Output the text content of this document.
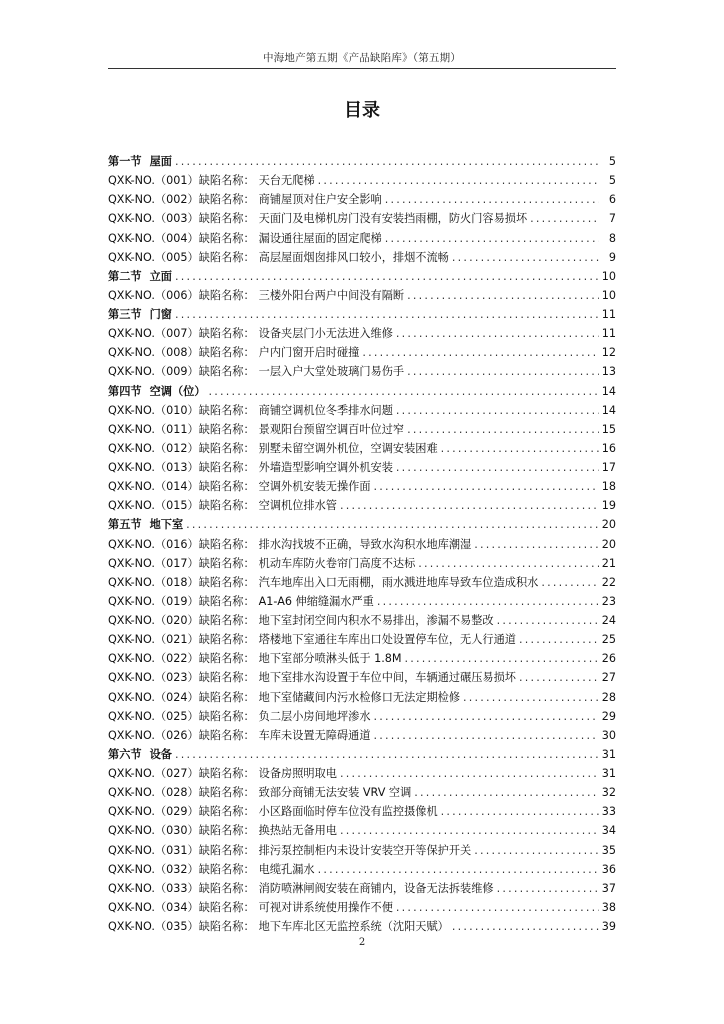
中海地产第五期《产品缺陷库》（第五期）
目录
第一节 屋面 .....	5
QXK-NO.（001） 缺陷名称： 天台无爬梯 .....	5
QXK-NO.（002） 缺陷名称： 商铺屋顶对住户安全影响 .....	6
QXK-NO.（003） 缺陷名称： 天面门及电梯机房门没有安装挡雨棚，防火门容易损坏 .....	7
QXK-NO.（004） 缺陷名称： 漏设通往屋面的固定爬梯 .....	8
QXK-NO.（005） 缺陷名称： 高层屋面烟囱排风口较小，排烟不流畅 .....	9
第二节 立面 .....	10
QXK-NO.（006） 缺陷名称： 三楼外阳台两户中间没有隔断 .....	10
第三节 门窗 .....	11
QXK-NO.（007） 缺陷名称： 设备夹层门小无法进入维修 .....	11
QXK-NO.（008） 缺陷名称： 户内门窗开启时碰撞 .....	12
QXK-NO.（009） 缺陷名称： 一层入户大堂处玻璃门易伤手 .....	13
第四节 空调（位） .....	14
QXK-NO.（010） 缺陷名称： 商铺空调机位冬季排水问题 .....	14
QXK-NO.（011） 缺陷名称： 景观阳台预留空调百叶位过窄 .....	15
QXK-NO.（012） 缺陷名称： 别墅未留空调外机位，空调安装困难 .....	16
QXK-NO.（013） 缺陷名称： 外墙造型影响空调外机安装 .....	17
QXK-NO.（014） 缺陷名称： 空调外机安装无操作面 .....	18
QXK-NO.（015） 缺陷名称： 空调机位排水管 .....	19
第五节 地下室 .....	20
QXK-NO.（016） 缺陷名称： 排水沟找坡不正确，导致水沟积水地库潮湿 .....	20
QXK-NO.（017） 缺陷名称： 机动车库防火卷帘门高度不达标 .....	21
QXK-NO.（018） 缺陷名称： 汽车地库出入口无雨棚，雨水溅进地库导致车位造成积水 .....	22
QXK-NO.（019） 缺陷名称： A1-A6 伸缩缝漏水严重 .....	23
QXK-NO.（020） 缺陷名称： 地下室封闭空间内积水不易排出，渗漏不易整改 .....	24
QXK-NO.（021） 缺陷名称： 塔楼地下室通往车库出口处设置停车位，无人行通道 .....	25
QXK-NO.（022） 缺陷名称： 地下室部分喷淋头低于 1.8M .....	26
QXK-NO.（023） 缺陷名称： 地下室排水沟设置于车位中间，车辆通过碾压易损坏 .....	27
QXK-NO.（024） 缺陷名称： 地下室储藏间内污水检修口无法定期检修 .....	28
QXK-NO.（025） 缺陷名称： 负二层小房间地坪渗水 .....	29
QXK-NO.（026） 缺陷名称： 车库未设置无障碍通道 .....	30
第六节 设备 .....	31
QXK-NO.（027） 缺陷名称： 设备房照明取电 .....	31
QXK-NO.（028） 缺陷名称： 致部分商铺无法安装 VRV 空调 .....	32
QXK-NO.（029） 缺陷名称： 小区路面临时停车位没有监控摄像机 .....	33
QXK-NO.（030） 缺陷名称： 换热站无备用电 .....	34
QXK-NO.（031） 缺陷名称： 排污泵控制柜内未设计安装空开等保护开关 .....	35
QXK-NO.（032） 缺陷名称： 电缆孔漏水 .....	36
QXK-NO.（033） 缺陷名称： 消防喷淋闸阀安装在商铺内，设备无法拆装维修 .....	37
QXK-NO.（034） 缺陷名称： 可视对讲系统使用操作不便 .....	38
QXK-NO.（035） 缺陷名称： 地下车库北区无监控系统（沈阳天赋） .....	39
2
